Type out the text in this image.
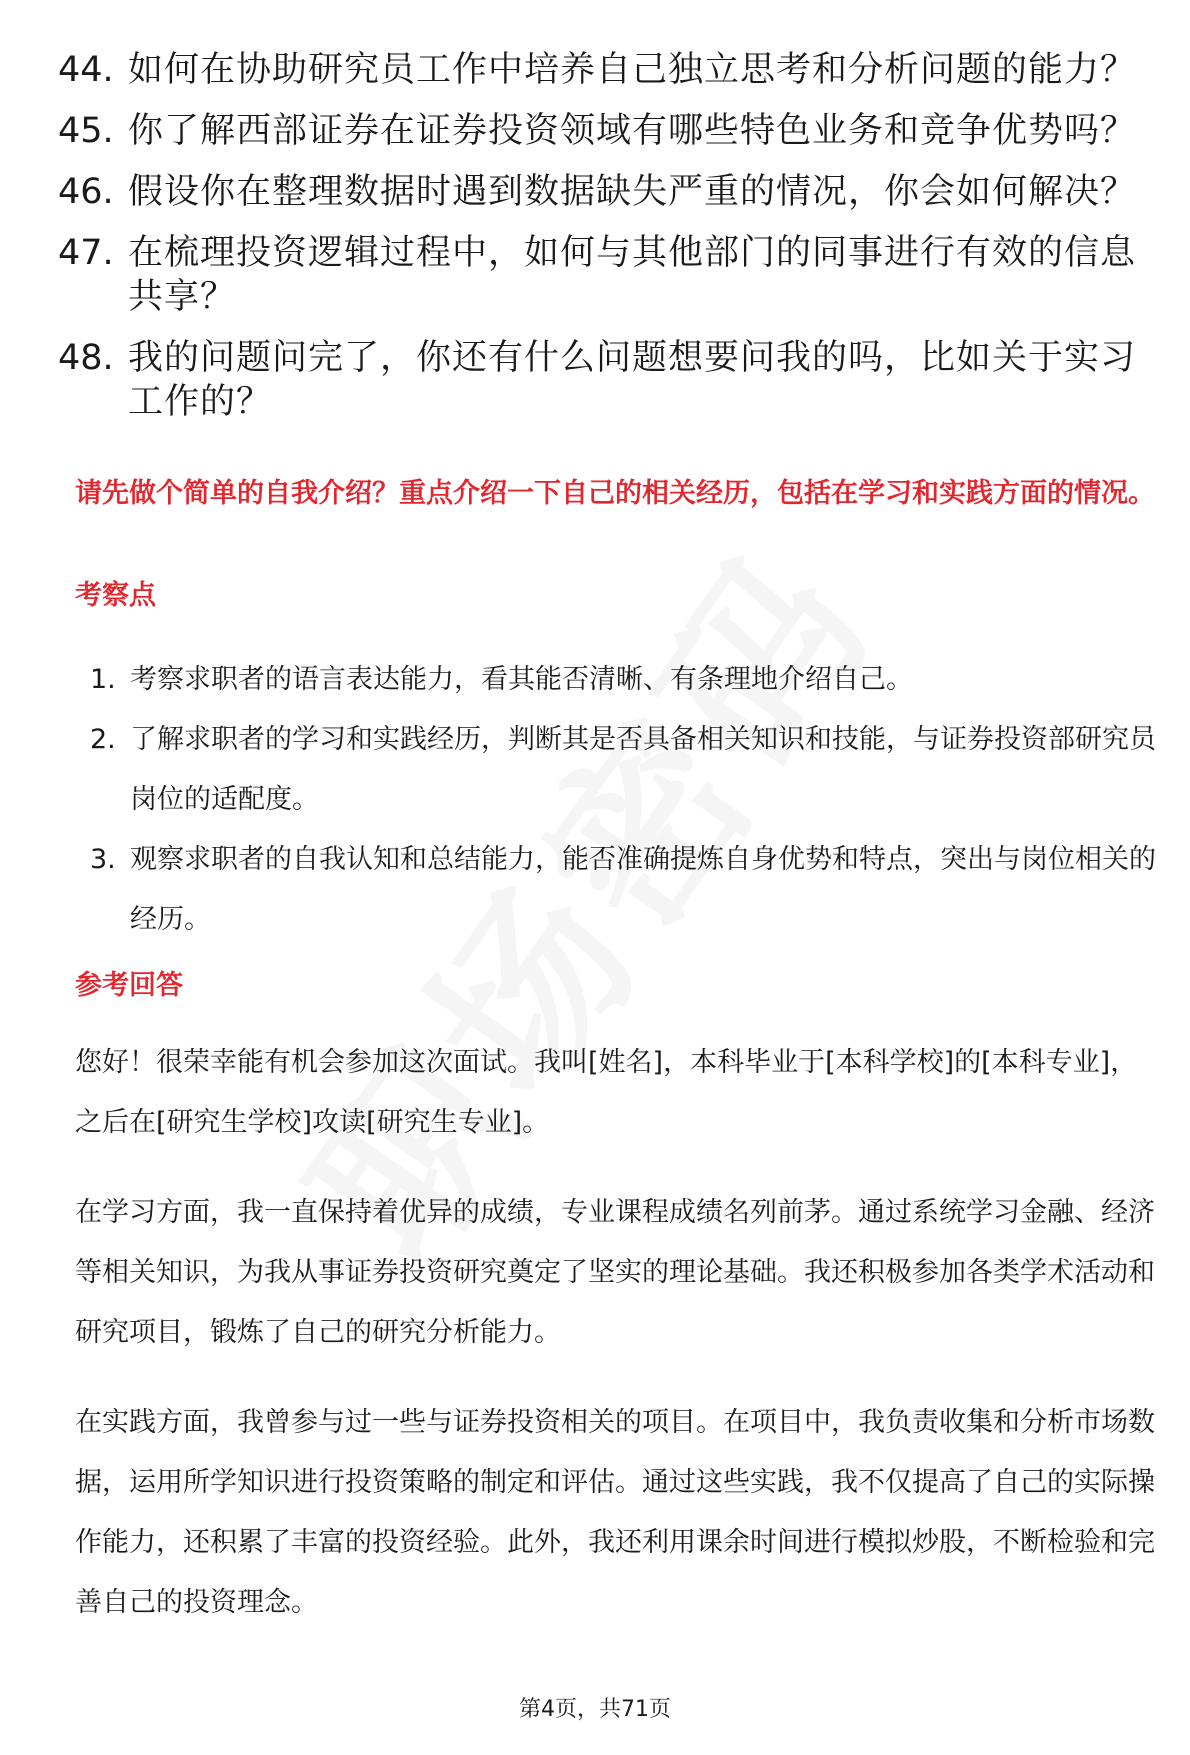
44. 如何在协助研究员工作中培养自己独立思考和分析问题的能力？
45. 你了解西部证券在证券投资领域有哪些特色业务和竞争优势吗？
46. 假设你在整理数据时遇到数据缺失严重的情况，你会如何解决？
47. 在梳理投资逻辑过程中，如何与其他部门的同事进行有效的信息共享？
48. 我的问题问完了，你还有什么问题想要问我的吗，比如关于实习工作的？

请先做个简单的自我介绍？重点介绍一下自己的相关经历，包括在学习和实践方面的情况。

考察点

1. 考察求职者的语言表达能力，看其能否清晰、有条理地介绍自己。
2. 了解求职者的学习和实践经历，判断其是否具备相关知识和技能，与证券投资部研究员岗位的适配度。
3. 观察求职者的自我认知和总结能力，能否准确提炼自身优势和特点，突出与岗位相关的经历。

参考回答

您好！很荣幸能有机会参加这次面试。我叫[姓名]，本科毕业于[本科学校]的[本科专业]，之后在[研究生学校]攻读[研究生专业]。

在学习方面，我一直保持着优异的成绩，专业课程成绩名列前茅。通过系统学习金融、经济等相关知识，为我从事证券投资研究奠定了坚实的理论基础。我还积极参加各类学术活动和研究项目，锻炼了自己的研究分析能力。

在实践方面，我曾参与过一些与证券投资相关的项目。在项目中，我负责收集和分析市场数据，运用所学知识进行投资策略的制定和评估。通过这些实践，我不仅提高了自己的实际操作能力，还积累了丰富的投资经验。此外，我还利用课余时间进行模拟炒股，不断检验和完善自己的投资理念。

第4页，共71页
